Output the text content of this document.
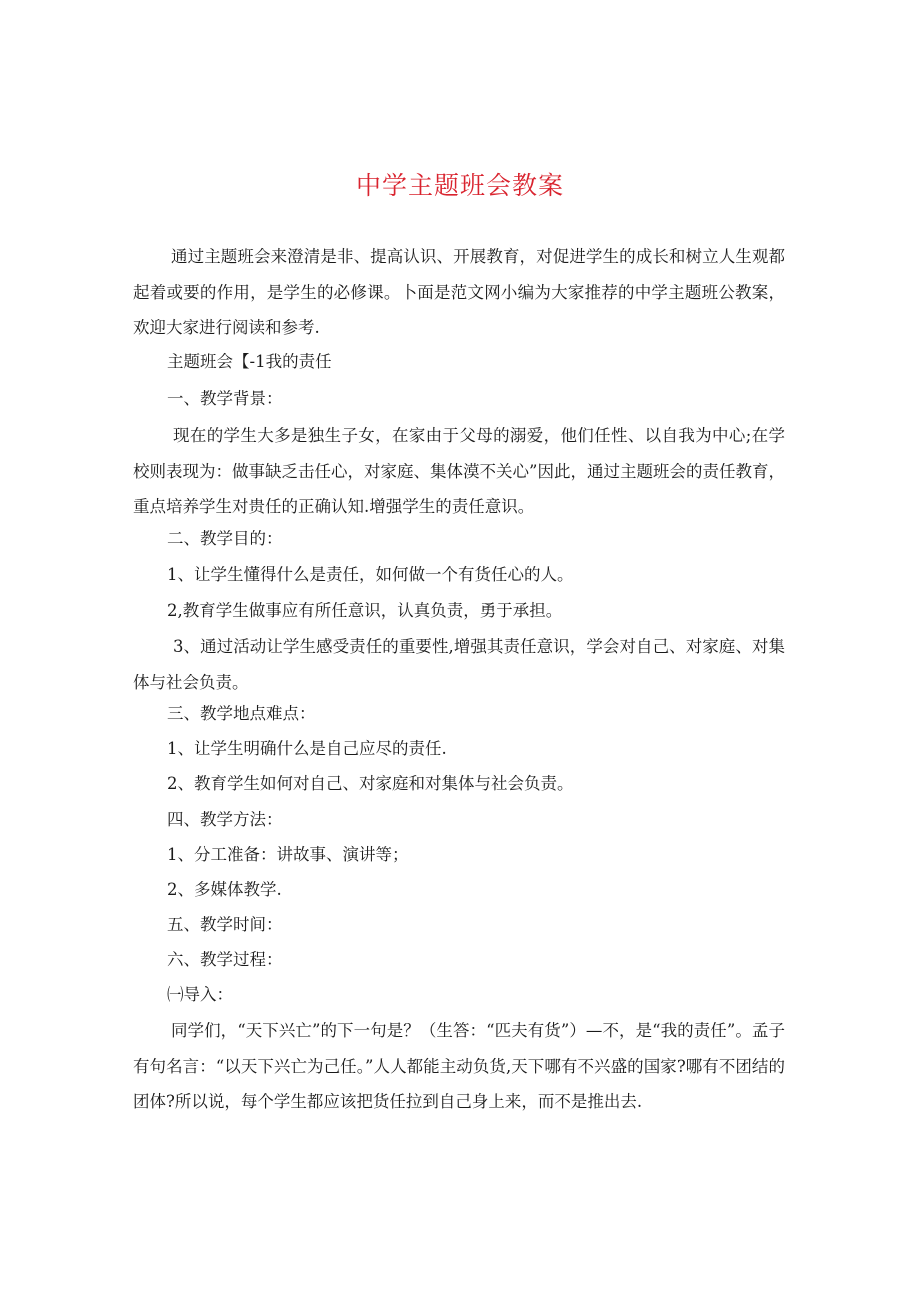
中学主题班会教案
通过主题班会来澄清是非、提高认识、开展教育，对促进学生的成长和树立人生观都起着或要的作用，是学生的必修课。卜面是范文网小编为大家推荐的中学主题班公教案，欢迎大家进行阅读和参考.
主题班会【-1我的责任
一、教学背景：
现在的学生大多是独生子女，在家由于父母的溺爱，他们任性、以自我为中心;在学校则表现为：做事缺乏击任心，对家庭、集体漠不关心”因此，通过主题班会的责任教育，重点培养学生对贵任的正确认知.增强学生的责任意识。
二、教学目的：
1、让学生懂得什么是责任，如何做一个有货任心的人。
2,教育学生做事应有所任意识，认真负责，勇于承担。
3、通过活动让学生感受责任的重要性,增强其责任意识，学会对自己、对家庭、对集体与社会负责。
三、教学地点难点：
1、让学生明确什么是自己应尽的责任.
2、教育学生如何对自己、对家庭和对集体与社会负责。
四、教学方法：
1、分工准备：讲故事、演讲等；
2、多媒体教学.
五、教学时间：
六、教学过程：
㈠导入：
同学们，“天下兴亡”的下一句是？（生答：“匹夫有货”）—不，是“我的责任”。孟子有句名言：“以天下兴亡为己任。”人人都能主动负货,天下哪有不兴盛的国家?哪有不团结的团体?所以说，每个学生都应该把货任拉到自己身上来，而不是推出去.
